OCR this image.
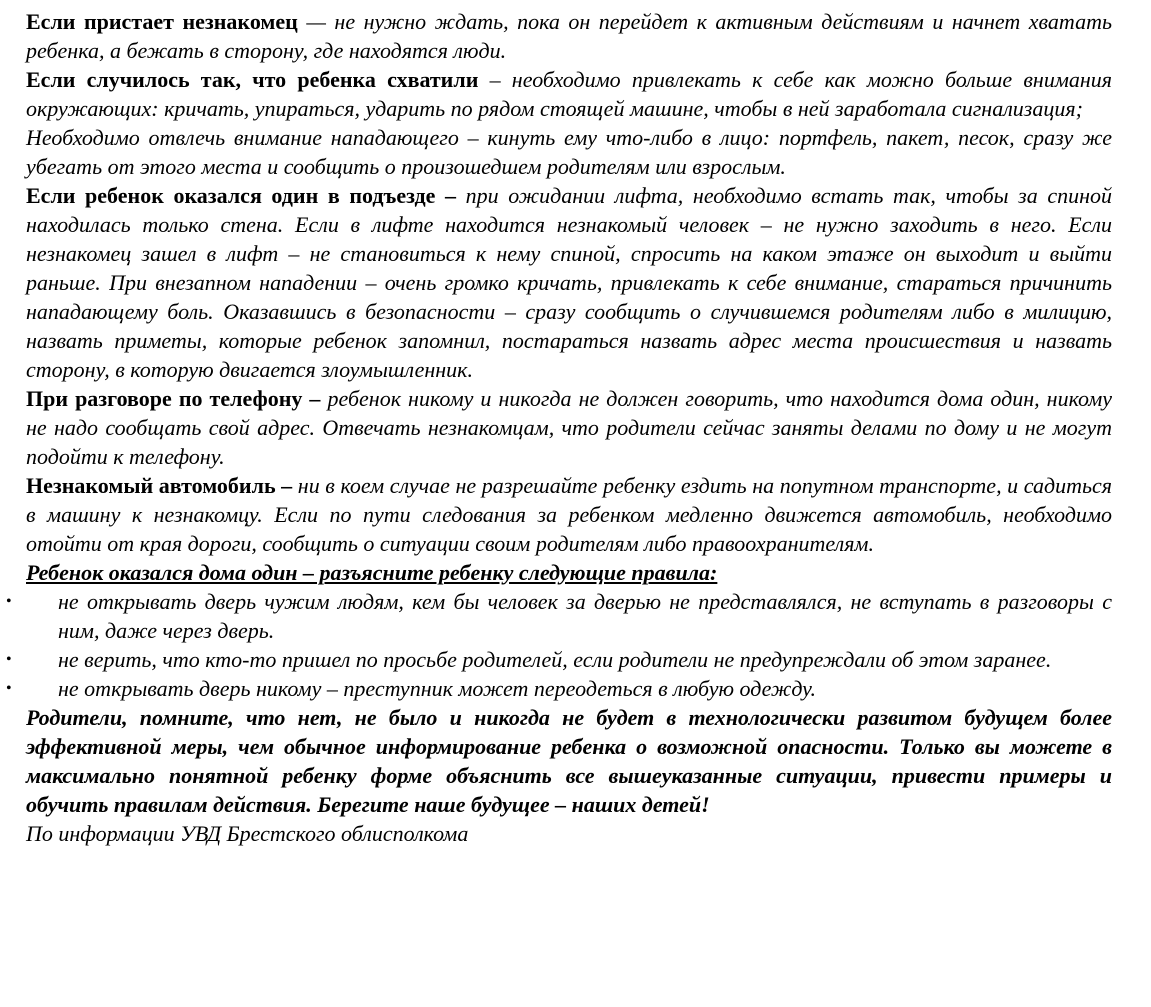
Если пристает незнакомец — не нужно ждать, пока он перейдет к активным действиям и начнет хватать ребенка, а бежать в сторону, где находятся люди.

Если случилось так, что ребенка схватили – необходимо привлекать к себе как можно больше внимания окружающих: кричать, упираться, ударить по рядом стоящей машине, чтобы в ней заработала сигнализация;

Необходимо отвлечь внимание нападающего – кинуть ему что-либо в лицо: портфель, пакет, песок, сразу же убегать от этого места и сообщить о произошедшем родителям или взрослым.

Если ребенок оказался один в подъезде – при ожидании лифта, необходимо встать так, чтобы за спиной находилась только стена. Если в лифте находится незнакомый человек – не нужно заходить в него. Если незнакомец зашел в лифт – не становиться к нему спиной, спросить на каком этаже он выходит и выйти раньше. При внезапном нападении – очень громко кричать, привлекать к себе внимание, стараться причинить нападающему боль. Оказавшись в безопасности – сразу сообщить о случившемся родителям либо в милицию, назвать приметы, которые ребенок запомнил, постараться назвать адрес места происшествия и назвать сторону, в которую двигается злоумышленник.

При разговоре по телефону – ребенок никому и никогда не должен говорить, что находится дома один, никому не надо сообщать свой адрес. Отвечать незнакомцам, что родители сейчас заняты делами по дому и не могут подойти к телефону.

Незнакомый автомобиль – ни в коем случае не разрешайте ребенку ездить на попутном транспорте, и садиться в машину к незнакомцу. Если по пути следования за ребенком медленно движется автомобиль, необходимо отойти от края дороги, сообщить о ситуации своим родителям либо правоохранителям.

Ребенок оказался дома один – разъясните ребенку следующие правила:

• не открывать дверь чужим людям, кем бы человек за дверью не представлялся, не вступать в разговоры с ним, даже через дверь.
• не верить, что кто-то пришел по просьбе родителей, если родители не предупреждали об этом заранее.
• не открывать дверь никому – преступник может переодеться в любую одежду.

Родители, помните, что нет, не было и никогда не будет в технологически развитом будущем более эффективной меры, чем обычное информирование ребенка о возможной опасности. Только вы можете в максимально понятной ребенку форме объяснить все вышеуказанные ситуации, привести примеры и обучить правилам действия. Берегите наше будущее – наших детей!

По информации УВД Брестского облисполкома
